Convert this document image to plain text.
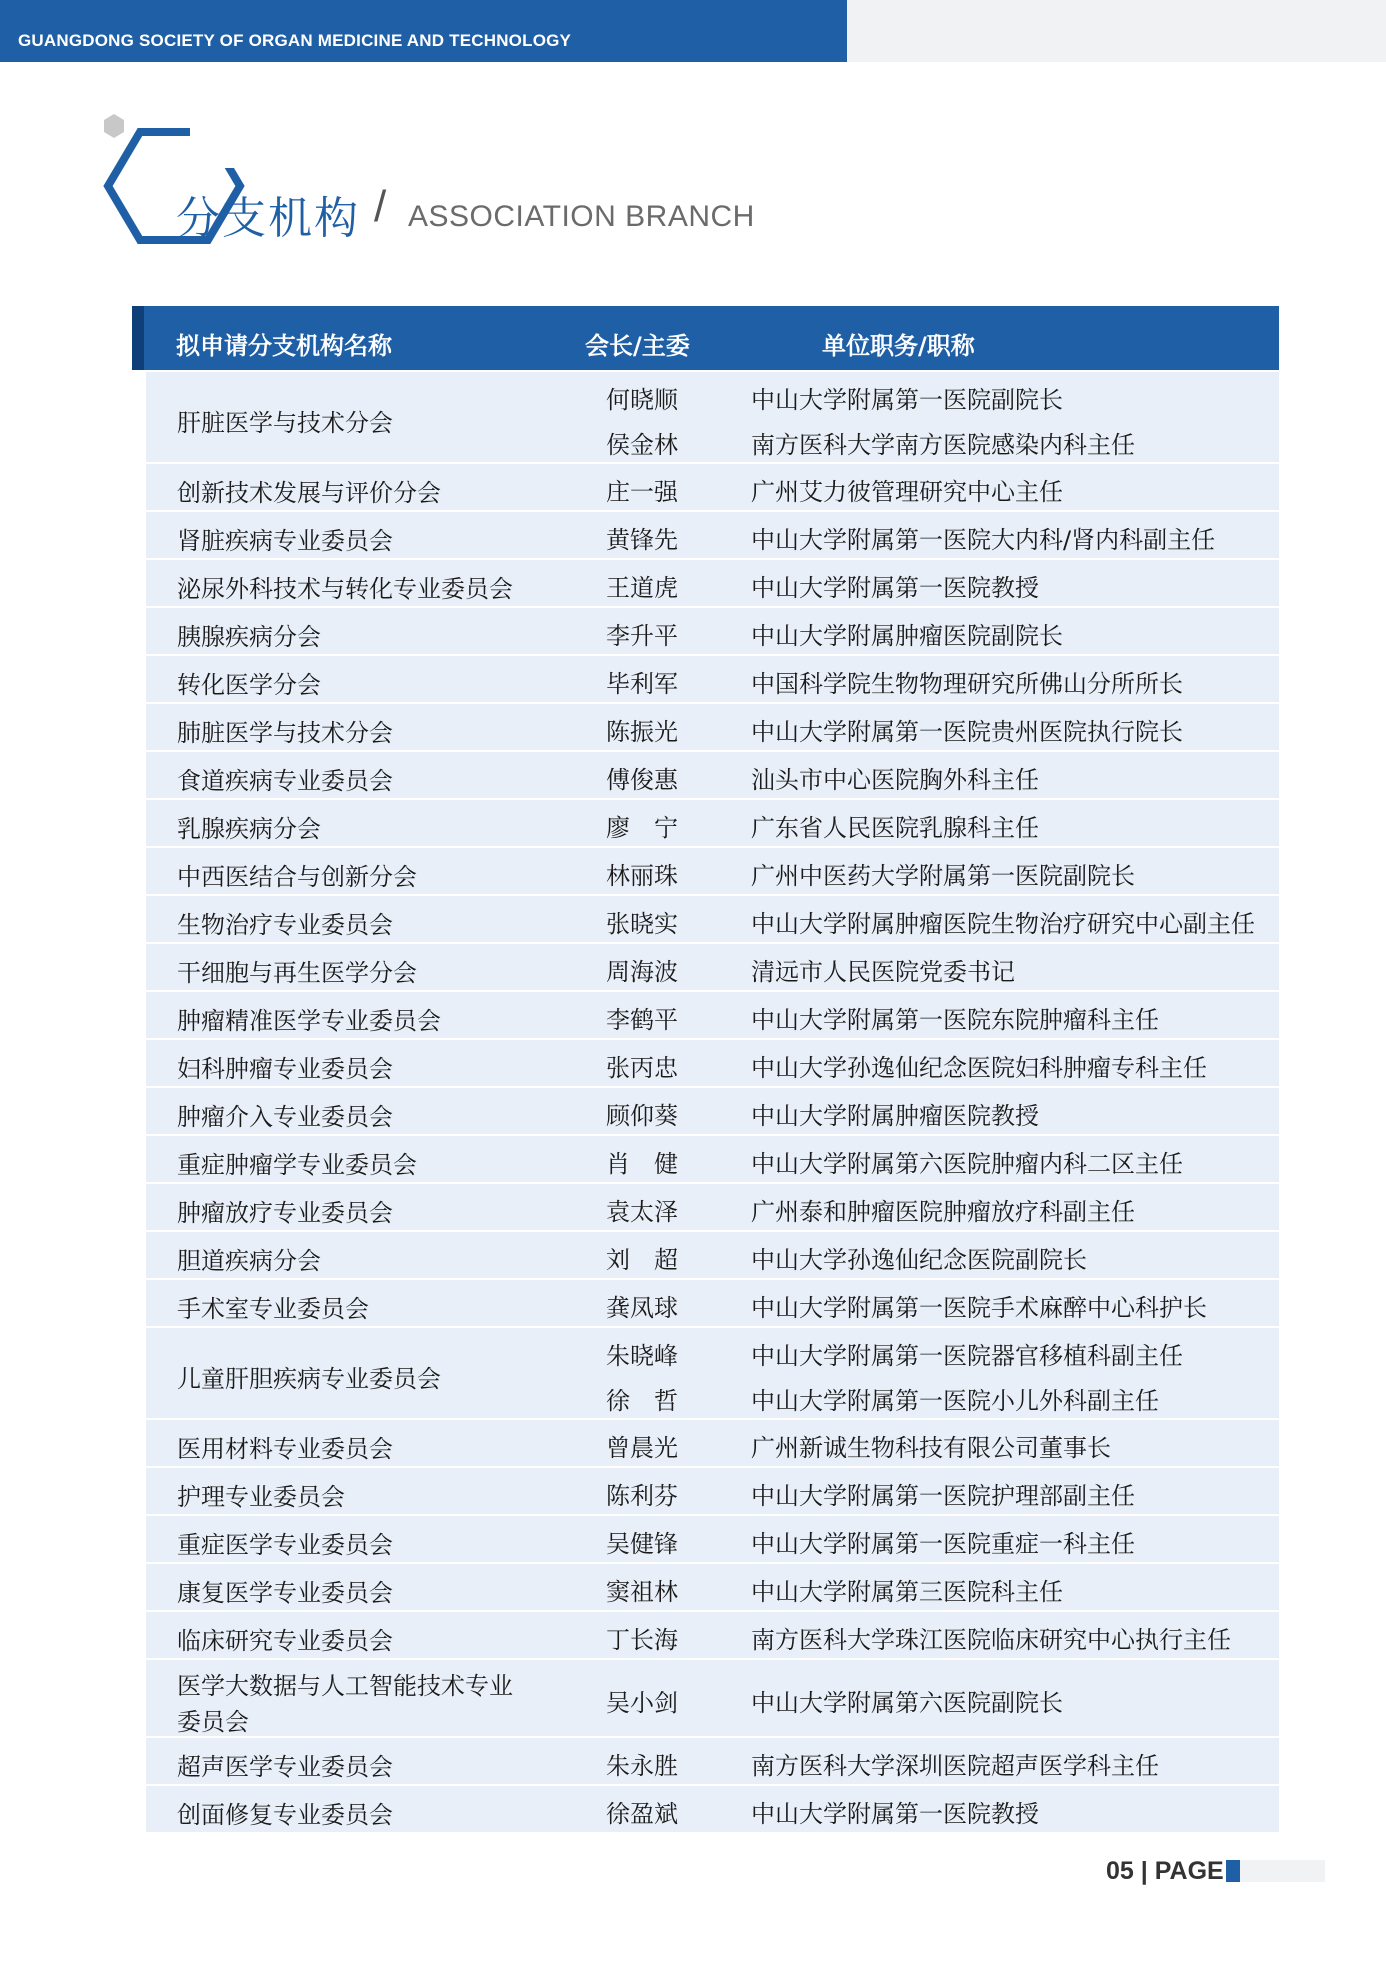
GUANGDONG SOCIETY OF ORGAN MEDICINE AND TECHNOLOGY
分支机构 / ASSOCIATION BRANCH
拟申请分支机构名称	会长/主委	单位职务/职称
肝脏医学与技术分会
何晓顺	中山大学附属第一医院副院长
侯金林	南方医科大学南方医院感染内科主任
创新技术发展与评价分会	庄一强	广州艾力彼管理研究中心主任
肾脏疾病专业委员会	黄锋先	中山大学附属第一医院大内科/肾内科副主任
泌尿外科技术与转化专业委员会	王道虎	中山大学附属第一医院教授
胰腺疾病分会	李升平	中山大学附属肿瘤医院副院长
转化医学分会	毕利军	中国科学院生物物理研究所佛山分所所长
肺脏医学与技术分会	陈振光	中山大学附属第一医院贵州医院执行院长
食道疾病专业委员会	傅俊惠	汕头市中心医院胸外科主任
乳腺疾病分会	廖　宁	广东省人民医院乳腺科主任
中西医结合与创新分会	林丽珠	广州中医药大学附属第一医院副院长
生物治疗专业委员会	张晓实	中山大学附属肿瘤医院生物治疗研究中心副主任
干细胞与再生医学分会	周海波	清远市人民医院党委书记
肿瘤精准医学专业委员会	李鹤平	中山大学附属第一医院东院肿瘤科主任
妇科肿瘤专业委员会	张丙忠	中山大学孙逸仙纪念医院妇科肿瘤专科主任
肿瘤介入专业委员会	顾仰葵	中山大学附属肿瘤医院教授
重症肿瘤学专业委员会	肖　健	中山大学附属第六医院肿瘤内科二区主任
肿瘤放疗专业委员会	袁太泽	广州泰和肿瘤医院肿瘤放疗科副主任
胆道疾病分会	刘　超	中山大学孙逸仙纪念医院副院长
手术室专业委员会	龚凤球	中山大学附属第一医院手术麻醉中心科护长
儿童肝胆疾病专业委员会
朱晓峰	中山大学附属第一医院器官移植科副主任
徐　哲	中山大学附属第一医院小儿外科副主任
医用材料专业委员会	曾晨光	广州新诚生物科技有限公司董事长
护理专业委员会	陈利芬	中山大学附属第一医院护理部副主任
重症医学专业委员会	吴健锋	中山大学附属第一医院重症一科主任
康复医学专业委员会	窦祖林	中山大学附属第三医院科主任
临床研究专业委员会	丁长海	南方医科大学珠江医院临床研究中心执行主任
医学大数据与人工智能技术专业
委员会
吴小剑	中山大学附属第六医院副院长
超声医学专业委员会	朱永胜	南方医科大学深圳医院超声医学科主任
创面修复专业委员会	徐盈斌	中山大学附属第一医院教授
05 | PAGE
